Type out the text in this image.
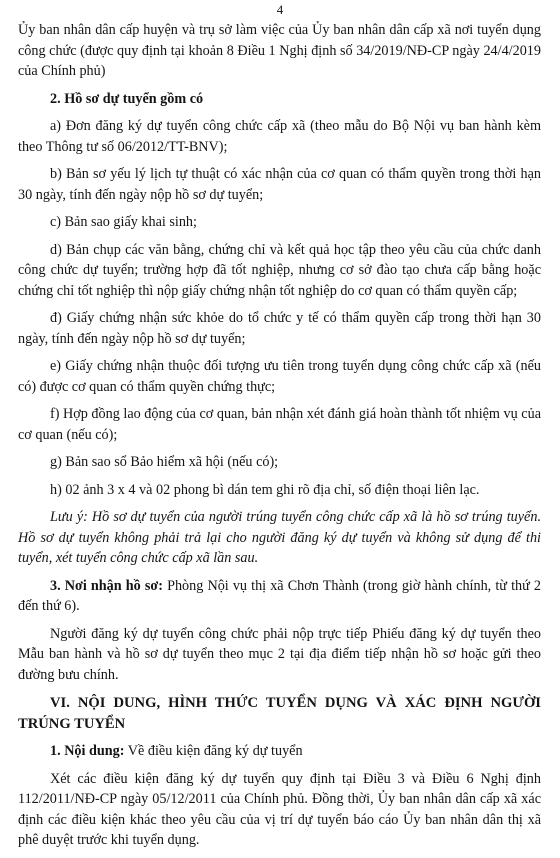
4

Ủy ban nhân dân cấp huyện và trụ sở làm việc của Ủy ban nhân dân cấp xã nơi tuyển dụng công chức (được quy định tại khoản 8 Điều 1 Nghị định số 34/2019/NĐ-CP ngày 24/4/2019 của Chính phủ)

2. Hồ sơ dự tuyển gồm có

a) Đơn đăng ký dự tuyển công chức cấp xã (theo mẫu do Bộ Nội vụ ban hành kèm theo Thông tư số 06/2012/TT-BNV);

b) Bản sơ yếu lý lịch tự thuật có xác nhận của cơ quan có thẩm quyền trong thời hạn 30 ngày, tính đến ngày nộp hồ sơ dự tuyển;

c) Bản sao giấy khai sinh;

d) Bản chụp các văn bằng, chứng chỉ và kết quả học tập theo yêu cầu của chức danh công chức dự tuyển; trường hợp đã tốt nghiệp, nhưng cơ sở đào tạo chưa cấp bằng hoặc chứng chỉ tốt nghiệp thì nộp giấy chứng nhận tốt nghiệp do cơ quan có thẩm quyền cấp;

đ) Giấy chứng nhận sức khỏe do tổ chức y tế có thẩm quyền cấp trong thời hạn 30 ngày, tính đến ngày nộp hồ sơ dự tuyển;

e) Giấy chứng nhận thuộc đối tượng ưu tiên trong tuyển dụng công chức cấp xã (nếu có) được cơ quan có thẩm quyền chứng thực;

f) Hợp đồng lao động của cơ quan, bản nhận xét đánh giá hoàn thành tốt nhiệm vụ của cơ quan (nếu có);

g) Bản sao sổ Bảo hiểm xã hội (nếu có);

h) 02 ảnh 3 x 4 và 02 phong bì dán tem ghi rõ địa chỉ, số điện thoại liên lạc.

Lưu ý: Hồ sơ dự tuyển của người trúng tuyển công chức cấp xã là hồ sơ trúng tuyển. Hồ sơ dự tuyển không phải trả lại cho người đăng ký dự tuyển và không sử dụng để thi tuyển, xét tuyển công chức cấp xã lần sau.

3. Nơi nhận hồ sơ: Phòng Nội vụ thị xã Chơn Thành (trong giờ hành chính, từ thứ 2 đến thứ 6).

Người đăng ký dự tuyển công chức phải nộp trực tiếp Phiếu đăng ký dự tuyển theo Mẫu ban hành và hồ sơ dự tuyển theo mục 2 tại địa điểm tiếp nhận hồ sơ hoặc gửi theo đường bưu chính.

VI. NỘI DUNG, HÌNH THỨC TUYỂN DỤNG VÀ XÁC ĐỊNH NGƯỜI TRÚNG TUYỂN

1. Nội dung: Về điều kiện đăng ký dự tuyển

Xét các điều kiện đăng ký dự tuyển quy định tại Điều 3 và Điều 6 Nghị định 112/2011/NĐ-CP ngày 05/12/2011 của Chính phủ. Đồng thời, Ủy ban nhân dân cấp xã xác định các điều kiện khác theo yêu cầu của vị trí dự tuyển báo cáo Ủy ban nhân dân thị xã phê duyệt trước khi tuyển dụng.
